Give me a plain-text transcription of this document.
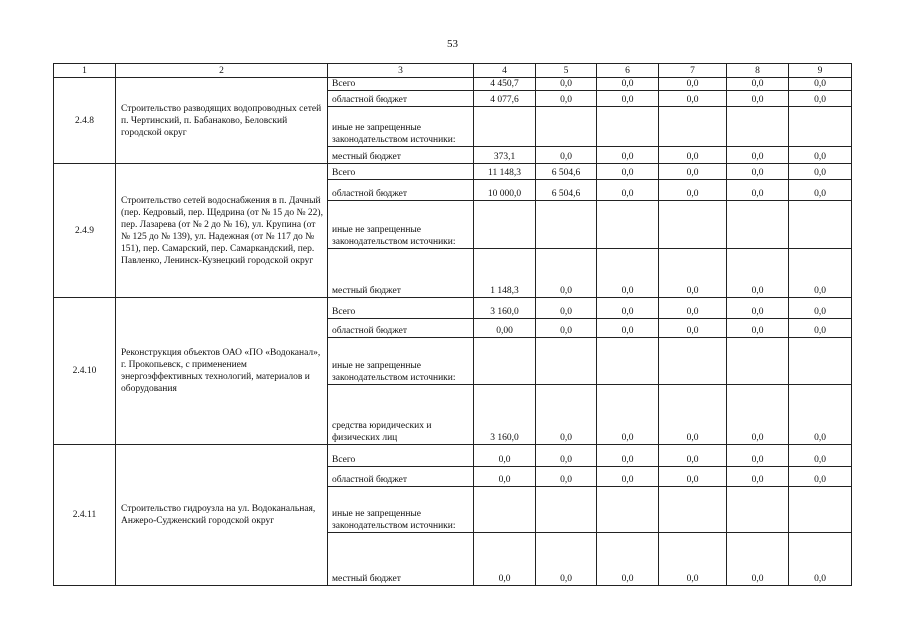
53
1	2	3	4	5	6	7	8	9
2.4.8	Строительство разводящих водопроводных сетей п. Чертинский, п. Бабанаково, Беловский городской округ	Всего	4 450,7	0,0	0,0	0,0	0,0	0,0
		областной бюджет	4 077,6	0,0	0,0	0,0	0,0	0,0
		иные не запрещенные законодательством источники:						
		местный бюджет	373,1	0,0	0,0	0,0	0,0	0,0
2.4.9	Строительство сетей водоснабжения в п. Дачный (пер. Кедровый, пер. Щедрина (от № 15 до № 22), пер. Лазарева (от № 2 до № 16), ул. Крупина (от № 125 до № 139), ул. Надежная (от № 117 до № 151), пер. Самарский, пер. Самаркандский, пер. Павленко, Ленинск-Кузнецкий городской округ	Всего	11 148,3	6 504,6	0,0	0,0	0,0	0,0
		областной бюджет	10 000,0	6 504,6	0,0	0,0	0,0	0,0
		иные не запрещенные законодательством источники:						
		местный бюджет	1 148,3	0,0	0,0	0,0	0,0	0,0
2.4.10	Реконструкция объектов ОАО «ПО «Водоканал», г. Прокопьевск, с применением энергоэффективных технологий, материалов и оборудования	Всего	3 160,0	0,0	0,0	0,0	0,0	0,0
		областной бюджет	0,00	0,0	0,0	0,0	0,0	0,0
		иные не запрещенные законодательством источники:						
		средства юридических и физических лиц	3 160,0	0,0	0,0	0,0	0,0	0,0
2.4.11	Строительство гидроузла на ул. Водоканальная, Анжеро-Судженский городской округ	Всего	0,0	0,0	0,0	0,0	0,0	0,0
		областной бюджет	0,0	0,0	0,0	0,0	0,0	0,0
		иные не запрещенные законодательством источники:						
		местный бюджет	0,0	0,0	0,0	0,0	0,0	0,0
